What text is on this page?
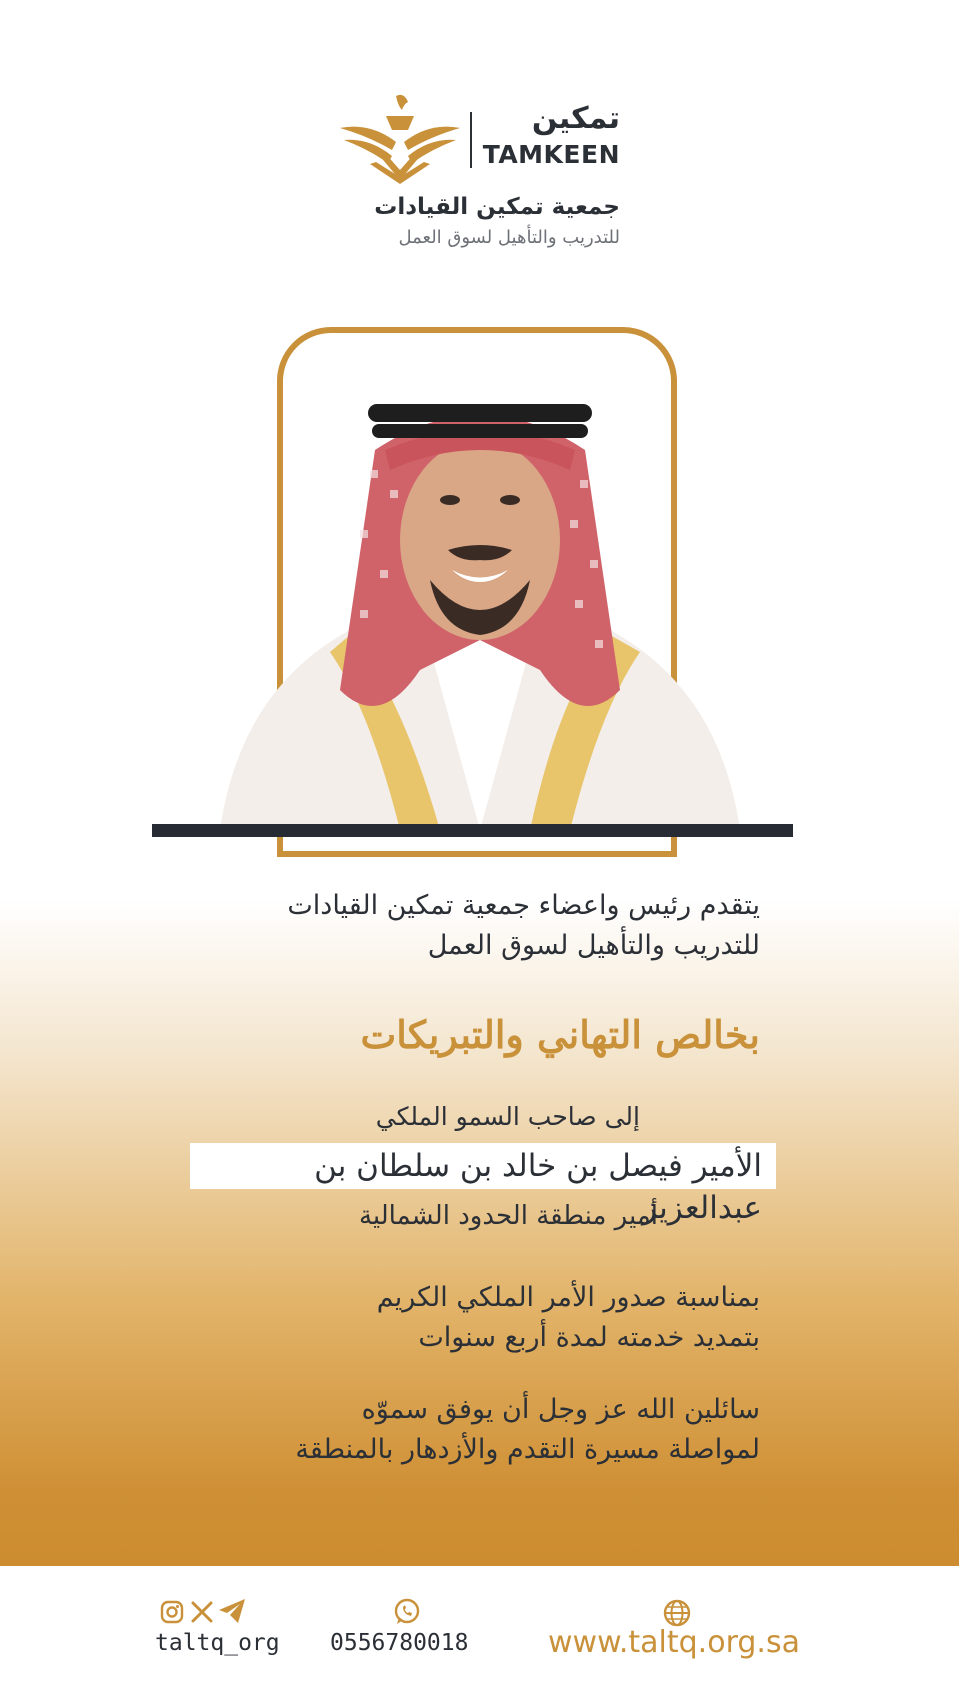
تمكين
TAMKEEN
جمعية تمكين القيادات
للتدريب والتأهيل لسوق العمل
يتقدم رئيس واعضاء جمعية تمكين القيادات
للتدريب والتأهيل لسوق العمل
بخالص التهاني والتبريكات
إلى صاحب السمو الملكي
الأمير فيصل بن خالد بن سلطان بن عبدالعزيز
أمير منطقة الحدود الشمالية
بمناسبة صدور الأمر الملكي الكريم
بتمديد خدمته لمدة أربع سنوات
سائلين الله عز وجل أن يوفق سموّه
لمواصلة مسيرة التقدم والأزدهار بالمنطقة
taltq_org 0556780018	www.taltq.org.sa
